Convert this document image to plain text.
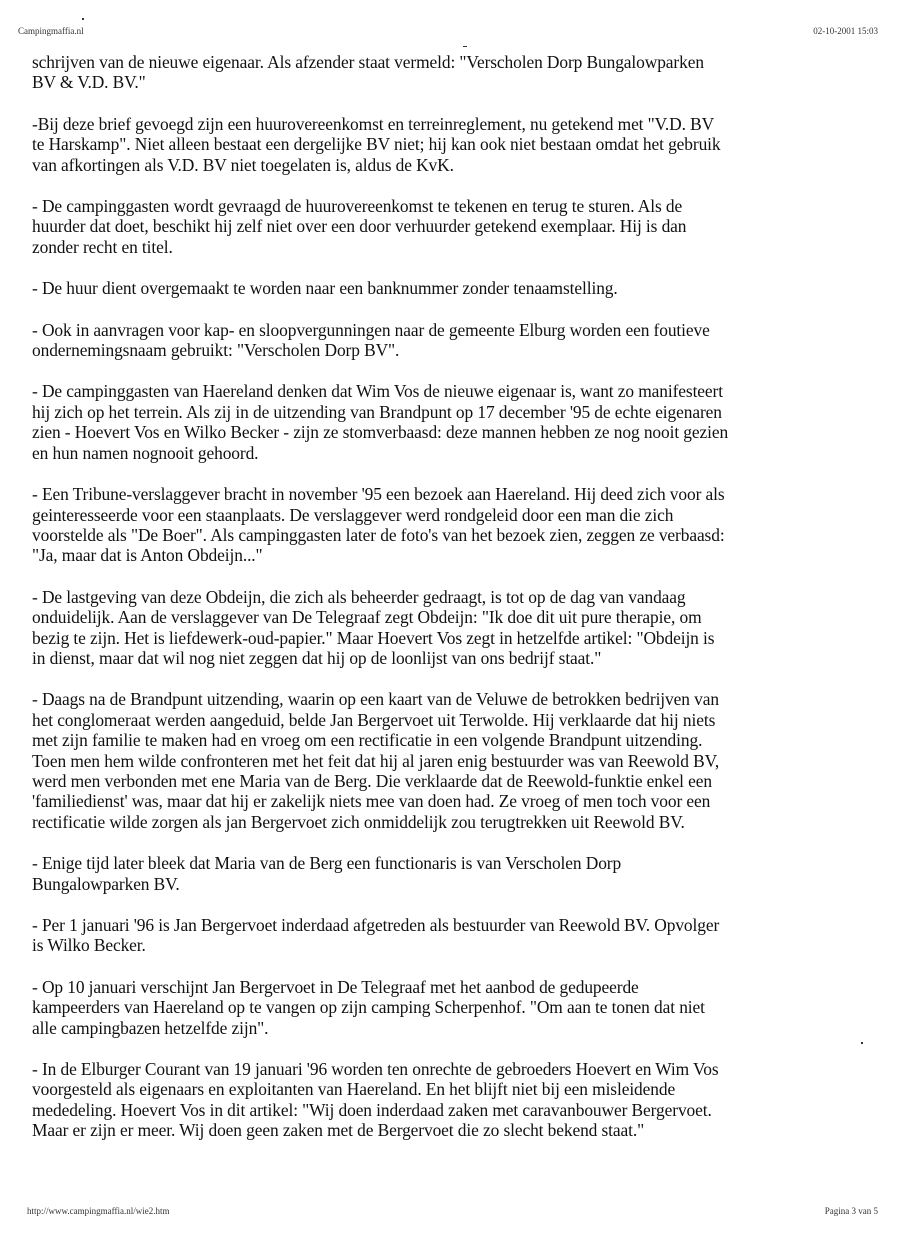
Campingmaffia.nl	02-10-2001 15:03

schrijven van de nieuwe eigenaar. Als afzender staat vermeld: "Verscholen Dorp Bungalowparken
BV & V.D. BV."

-Bij deze brief gevoegd zijn een huurovereenkomst en terreinreglement, nu getekend met "V.D. BV
te Harskamp". Niet alleen bestaat een dergelijke BV niet; hij kan ook niet bestaan omdat het gebruik
van afkortingen als V.D. BV niet toegelaten is, aldus de KvK.

- De campinggasten wordt gevraagd de huurovereenkomst te tekenen en terug te sturen. Als de
huurder dat doet, beschikt hij zelf niet over een door verhuurder getekend exemplaar. Hij is dan
zonder recht en titel.

- De huur dient overgemaakt te worden naar een banknummer zonder tenaamstelling.

- Ook in aanvragen voor kap- en sloopvergunningen naar de gemeente Elburg worden een foutieve
ondernemingsnaam gebruikt: "Verscholen Dorp BV".

- De campinggasten van Haereland denken dat Wim Vos de nieuwe eigenaar is, want zo manifesteert
hij zich op het terrein. Als zij in de uitzending van Brandpunt op 17 december '95 de echte eigenaren
zien - Hoevert Vos en Wilko Becker - zijn ze stomverbaasd: deze mannen hebben ze nog nooit gezien
en hun namen nognooit gehoord.

- Een Tribune-verslaggever bracht in november '95 een bezoek aan Haereland. Hij deed zich voor als
geinteresseerde voor een staanplaats. De verslaggever werd rondgeleid door een man die zich
voorstelde als "De Boer". Als campinggasten later de foto's van het bezoek zien, zeggen ze verbaasd:
"Ja, maar dat is Anton Obdeijn..."

- De lastgeving van deze Obdeijn, die zich als beheerder gedraagt, is tot op de dag van vandaag
onduidelijk. Aan de verslaggever van De Telegraaf zegt Obdeijn: "Ik doe dit uit pure therapie, om
bezig te zijn. Het is liefdewerk-oud-papier." Maar Hoevert Vos zegt in hetzelfde artikel: "Obdeijn is
in dienst, maar dat wil nog niet zeggen dat hij op de loonlijst van ons bedrijf staat."

- Daags na de Brandpunt uitzending, waarin op een kaart van de Veluwe de betrokken bedrijven van
het conglomeraat werden aangeduid, belde Jan Bergervoet uit Terwolde. Hij verklaarde dat hij niets
met zijn familie te maken had en vroeg om een rectificatie in een volgende Brandpunt uitzending.
Toen men hem wilde confronteren met het feit dat hij al jaren enig bestuurder was van Reewold BV,
werd men verbonden met ene Maria van de Berg. Die verklaarde dat de Reewold-funktie enkel een
'familiedienst' was, maar dat hij er zakelijk niets mee van doen had. Ze vroeg of men toch voor een
rectificatie wilde zorgen als jan Bergervoet zich onmiddelijk zou terugtrekken uit Reewold BV.

- Enige tijd later bleek dat Maria van de Berg een functionaris is van Verscholen Dorp
Bungalowparken BV.

- Per 1 januari '96 is Jan Bergervoet inderdaad afgetreden als bestuurder van Reewold BV. Opvolger
is Wilko Becker.

- Op 10 januari verschijnt Jan Bergervoet in De Telegraaf met het aanbod de gedupeerde
kampeerders van Haereland op te vangen op zijn camping Scherpenhof. "Om aan te tonen dat niet
alle campingbazen hetzelfde zijn".

- In de Elburger Courant van 19 januari '96 worden ten onrechte de gebroeders Hoevert en Wim Vos
voorgesteld als eigenaars en exploitanten van Haereland. En het blijft niet bij een misleidende
mededeling. Hoevert Vos in dit artikel: "Wij doen inderdaad zaken met caravanbouwer Bergervoet.
Maar er zijn er meer. Wij doen geen zaken met de Bergervoet die zo slecht bekend staat."

http://www.campingmaffia.nl/wie2.htm	Pagina 3 van 5
